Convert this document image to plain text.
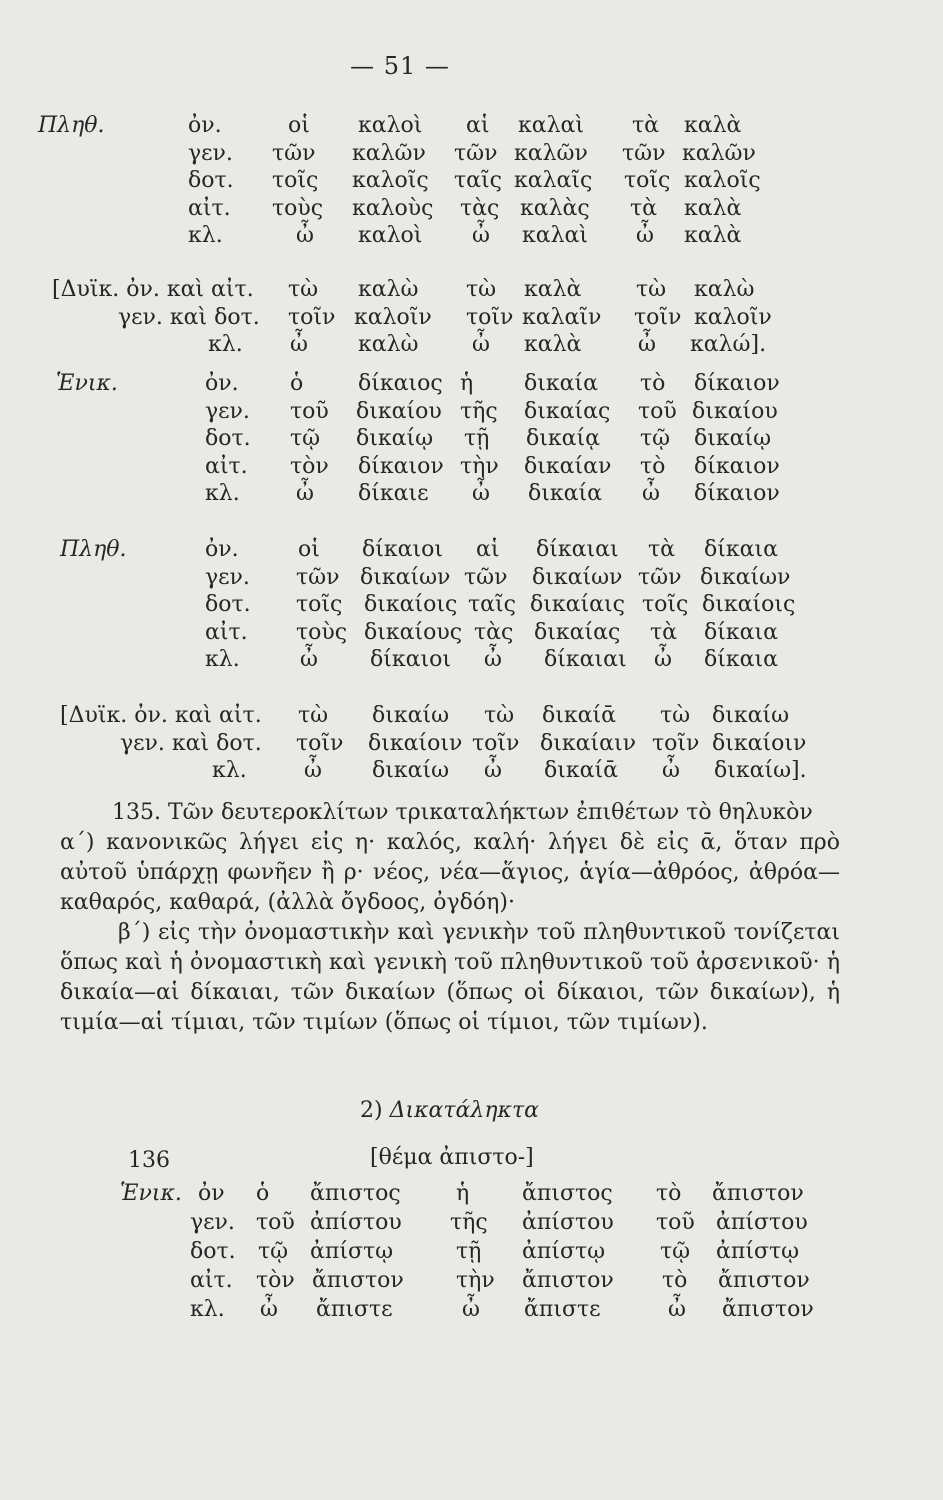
— 51 —
Πληθ.	ὀν.	οἱ καλοὶ αἱ καλαὶ τὰ καλὰ
γεν. τῶν καλῶν τῶν καλῶν τῶν καλῶν
δοτ. τοῖς καλοῖς ταῖς καλαῖς τοῖς καλοῖς
αἰτ. τοὺς καλοὺς τὰς καλὰς τὰ καλὰ
κλ.	ὦ καλοὶ ὦ καλαὶ ὦ καλὰ
[Δυϊκ. ὀν. καὶ αἰτ. τὼ καλὼ τὼ καλὰ τὼ καλὼ
γεν. καὶ δοτ. τοῖν καλοῖν τοῖν καλαῖν τοῖν καλοῖν
κλ. ὦ καλὼ ὦ καλὰ	ὦ καλώ].
Ἑνικ.	ὀν. ὁ δίκαιος ἡ δικαία τὸ δίκαιον
γεν. τοῦ δικαίου τῆς δικαίας τοῦ δικαίου
δοτ. τῷ δικαίῳ τῇ δικαίᾳ τῷ δικαίῳ
αἰτ. τὸν δίκαιον τὴν δικαίαν τὸ δίκαιον
κλ.	ὦ δίκαιε ὦ δικαία ὦ δίκαιον
Πληθ.	ὀν.	οἱ δίκαιοι αἱ δίκαιαι τὰ δίκαια
γεν. τῶν δικαίων τῶν δικαίων τῶν δικαίων
δοτ. τοῖς δικαίοις ταῖς δικαίαις τοῖς δικαίοις
αἰτ. τοὺς δικαίους τὰς δικαίας τὰ δίκαια
κλ.	ὦ δίκαιοι ὦ δίκαιαι ὦ δίκαια
[Δυϊκ. ὀν. καὶ αἰτ. τὼ δικαίω τὼ δικαίᾱ τὼ δικαίω
γεν. καὶ δοτ. τοῖν δικαίοιν τοῖν δικαίαιν τοῖν δικαίοιν
κλ.	ὦ δικαίω ὦ δικαίᾱ ὦ δικαίω].

135. Τῶν δευτεροκλίτων τρικαταλήκτων ἐπιθέτων τὸ θηλυκὸν

α΄) κανονικῶς λήγει εἰς η· καλός, καλή· λήγει δὲ εἰς ᾱ, ὅταν πρὸ αὐτοῦ ὑπάρχῃ φωνῆεν ἢ ρ· νέος, νέα—ἅγιος, ἁγία—ἀθρόος, ἀθρόα—καθαρός, καθαρά, (ἀλλὰ ὄγδοος, ὀγδόη)·

β΄) εἰς τὴν ὀνομαστικὴν καὶ γενικὴν τοῦ πληθυντικοῦ τονίζεται ὅπως καὶ ἡ ὀνομαστικὴ καὶ γενικὴ τοῦ πληθυντικοῦ τοῦ ἀρσενικοῦ· ἡ δικαία—αἱ δίκαιαι, τῶν δικαίων (ὅπως οἱ δίκαιοι, τῶν δικαίων), ἡ τιμία—αἱ τίμιαι, τῶν τιμίων (ὅπως οἱ τίμιοι, τῶν τιμίων).

2) Δικατάληκτα
136	[θέμα ἀπιστο-]
Ἑνικ. ὀν ὁ ἄπιστος	ἡ ἄπιστος τὸ ἄπιστον
γεν. τοῦ ἀπίστου τῆς ἀπίστου τοῦ ἀπίστου
δοτ. τῷ ἀπίστῳ	τῇ ἀπίστῳ τῷ ἀπίστῳ
αἰτ. τὸν ἄπιστον τὴν ἄπιστον τὸ ἄπιστον
κλ. ὦ ἄπιστε	ὦ ἄπιστε	ὦ ἄπιστον
